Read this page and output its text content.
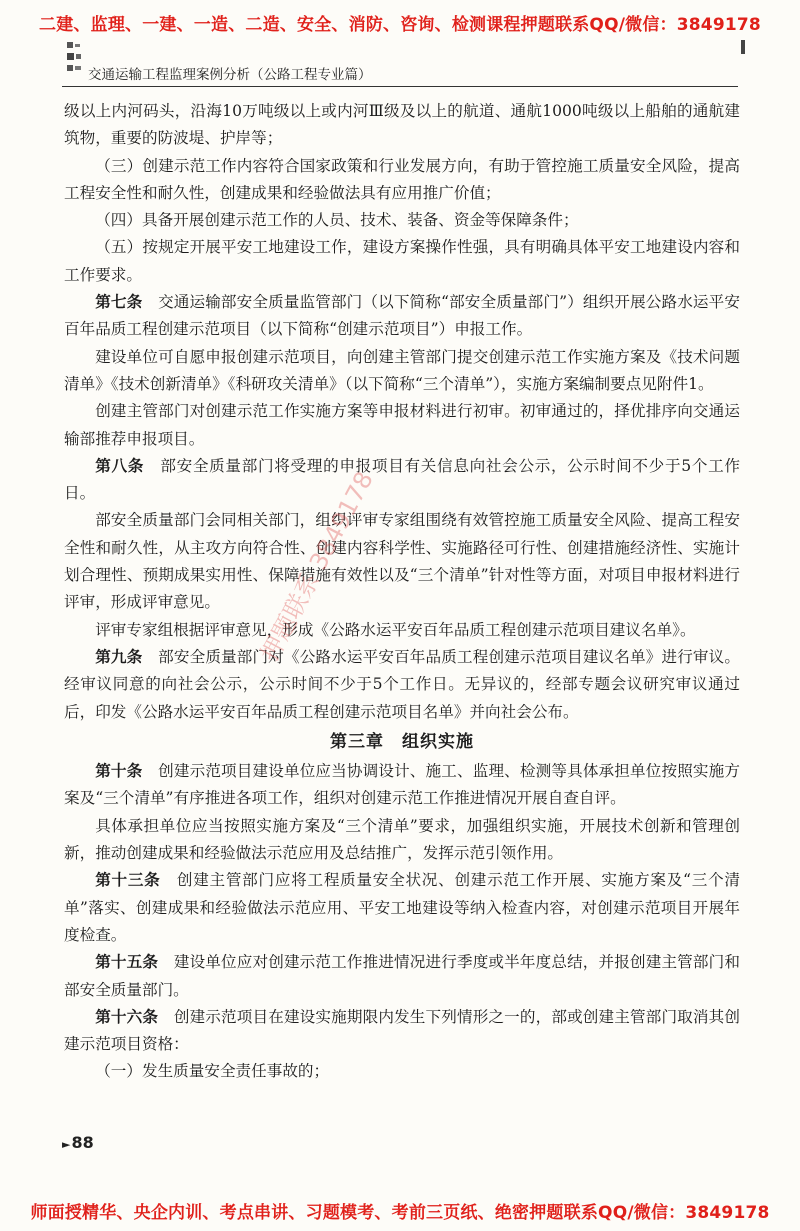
二建、监理、一建、一造、二造、安全、消防、咨询、检测课程押题联系QQ/微信：3849178
交通运输工程监理案例分析（公路工程专业篇）

级以上内河码头，沿海10万吨级以上或内河Ⅲ级及以上的航道、通航1000吨级以上船舶的通航建筑物，重要的防波堤、护岸等；

（三）创建示范工作内容符合国家政策和行业发展方向，有助于管控施工质量安全风险，提高工程安全性和耐久性，创建成果和经验做法具有应用推广价值；

（四）具备开展创建示范工作的人员、技术、装备、资金等保障条件；

（五）按规定开展平安工地建设工作，建设方案操作性强，具有明确具体平安工地建设内容和工作要求。

第七条　 交通运输部安全质量监管部门（以下简称“部安全质量部门”）组织开展公路水运平安百年品质工程创建示范项目（以下简称“创建示范项目”）申报工作。

建设单位可自愿申报创建示范项目，向创建主管部门提交创建示范工作实施方案及《技术问题清单》《技术创新清单》《科研攻关清单》（以下简称“三个清单”），实施方案编制要点见附件1。

创建主管部门对创建示范工作实施方案等申报材料进行初审。初审通过的，择优排序向交通运输部推荐申报项目。

第八条　 部安全质量部门将受理的申报项目有关信息向社会公示，公示时间不少于5个工作日。

部安全质量部门会同相关部门，组织评审专家组围绕有效管控施工质量安全风险、提高工程安全性和耐久性，从主攻方向符合性、创建内容科学性、实施路径可行性、创建措施经济性、实施计划合理性、预期成果实用性、保障措施有效性以及“三个清单”针对性等方面，对项目申报材料进行评审，形成评审意见。

评审专家组根据评审意见，形成《公路水运平安百年品质工程创建示范项目建议名单》。

第九条　 部安全质量部门对《公路水运平安百年品质工程创建示范项目建议名单》进行审议。经审议同意的向社会公示，公示时间不少于5个工作日。无异议的，经部专题会议研究审议通过后，印发《公路水运平安百年品质工程创建示范项目名单》并向社会公布。

第三章　组织实施

第十条　 创建示范项目建设单位应当协调设计、施工、监理、检测等具体承担单位按照实施方案及“三个清单”有序推进各项工作，组织对创建示范工作推进情况开展自查自评。

具体承担单位应当按照实施方案及“三个清单”要求，加强组织实施，开展技术创新和管理创新，推动创建成果和经验做法示范应用及总结推广，发挥示范引领作用。

第十三条　 创建主管部门应将工程质量安全状况、创建示范工作开展、实施方案及“三个清单”落实、创建成果和经验做法示范应用、平安工地建设等纳入检查内容，对创建示范项目开展年度检查。

第十五条　 建设单位应对创建示范工作推进情况进行季度或半年度总结，并报创建主管部门和部安全质量部门。

第十六条　 创建示范项目在建设实施期限内发生下列情形之一的，部或创建主管部门取消其创建示范项目资格：

（一）发生质量安全责任事故的；

押题联系 3849178
►88
师面授精华、央企内训、考点串讲、习题模考、考前三页纸、绝密押题联系QQ/微信：3849178
